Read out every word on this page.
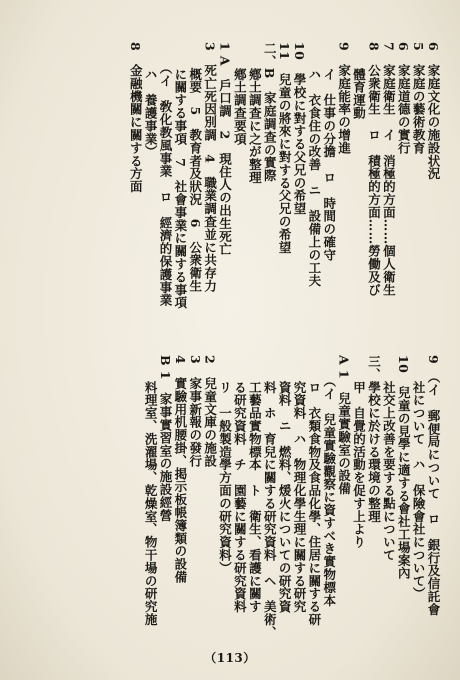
6　家庭文化の施設状況
5　家庭の藝術教育
6　家庭道德の實行
7　家庭衛生　イ　消極的方面……個人衛生
8　公衆衛生　ロ　積極的方面……勞働及び
　　體育運動
9　家庭能率の增進
　　イ　仕事の分擔　ロ　時間の確守
　　ハ　衣食住の改善　ニ　設備上の工夫
10　學校に對する父兄の希望
11　兒童の將來に對する父兄の希望
二、B　家庭調查の實際
　　鄕土調查に之が整理
　　鄕土調查要項
1 A　戶口調　2　現住人の出生死亡
3　死亡死因別調　4　職業調查並に共存力
　　概要　5　教育者及狀況　6　公衆衛生
　　に關する事項　7　社會事業に關する事項
　　（イ　敎化教風事業　ロ　經濟的保護事業
　　ハ　養護事業）
8　金融機關に關する方面
9　（イ　郵便局について　ロ　銀行及信託會
　　社について　ハ　保險會社について）
10　兒童の見學に適する會社工場案內
　　社交上改善を要する點について
三、學校に於ける環境の整理
　　甲　自覺的活動を促す上より
A 1　兒童實驗室の設備
　　（イ　兒童實驗觀察に資すべき實物標本
　　ロ　衣類食物及食品化學、住居に關する研
　　究資料　ハ　物理化學生理に關する研究
　　資料　ニ　燃料、煖火についての研究資
　　料　ホ　育兒に關する研究資料　ヘ　美術、
　　工藝品實物標本　ト　衛生、看護に關す
　　る研究資料　チ　園藝に關する研究資料
　　リ　一般製造學方面の研究資料）
2　兒童文庫の施設
3　家事新報の發行
4　實驗用机腰掛、掲示板帳簿類の設備
B 1　家事實習室の施設經營
　　料理室、洗濯場、乾燥室、物干場の研究施
（113）
